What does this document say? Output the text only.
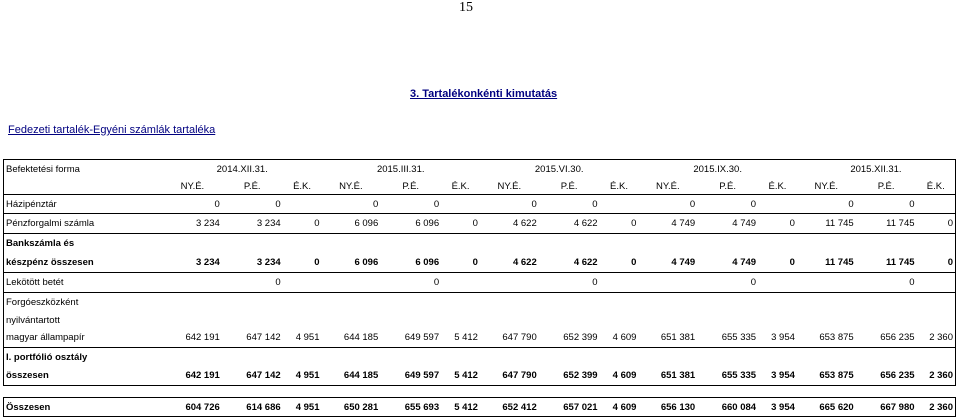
15
3. Tartalékonkénti kimutatás
Fedezeti tartalék-Egyéni számlák tartaléka
Befektetési forma	2014.XII.31.			2015.III.31.			2015.VI.30.			2015.IX.30.			2015.XII.31.		
	NY.É.	P.É.	É.K.	NY.É.	P.É.	É.K.	NY.É.	P.É.	É.K.	NY.É.	P.É.	É.K.	NY.É.	P.É.	É.K.
Házipénztár	0	0		0	0		0	0		0	0		0	0	
Pénzforgalmi számla	3 234	3 234	0	6 096	6 096	0	4 622	4 622	0	4 749	4 749	0	11 745	11 745	0
Bankszámla és															
készpénz összesen	3 234	3 234	0	6 096	6 096	0	4 622	4 622	0	4 749	4 749	0	11 745	11 745	0
Lekötött betét		0			0			0			0			0	
Forgóeszközként															
nyilvántartott															
magyar állampapír	642 191	647 142	4 951	644 185	649 597	5 412	647 790	652 399	4 609	651 381	655 335	3 954	653 875	656 235	2 360
I. portfólió osztály															
összesen	642 191	647 142	4 951	644 185	649 597	5 412	647 790	652 399	4 609	651 381	655 335	3 954	653 875	656 235	2 360

Összesen	604 726	614 686	4 951	650 281	655 693	5 412	652 412	657 021	4 609	656 130	660 084	3 954	665 620	667 980	2 360
